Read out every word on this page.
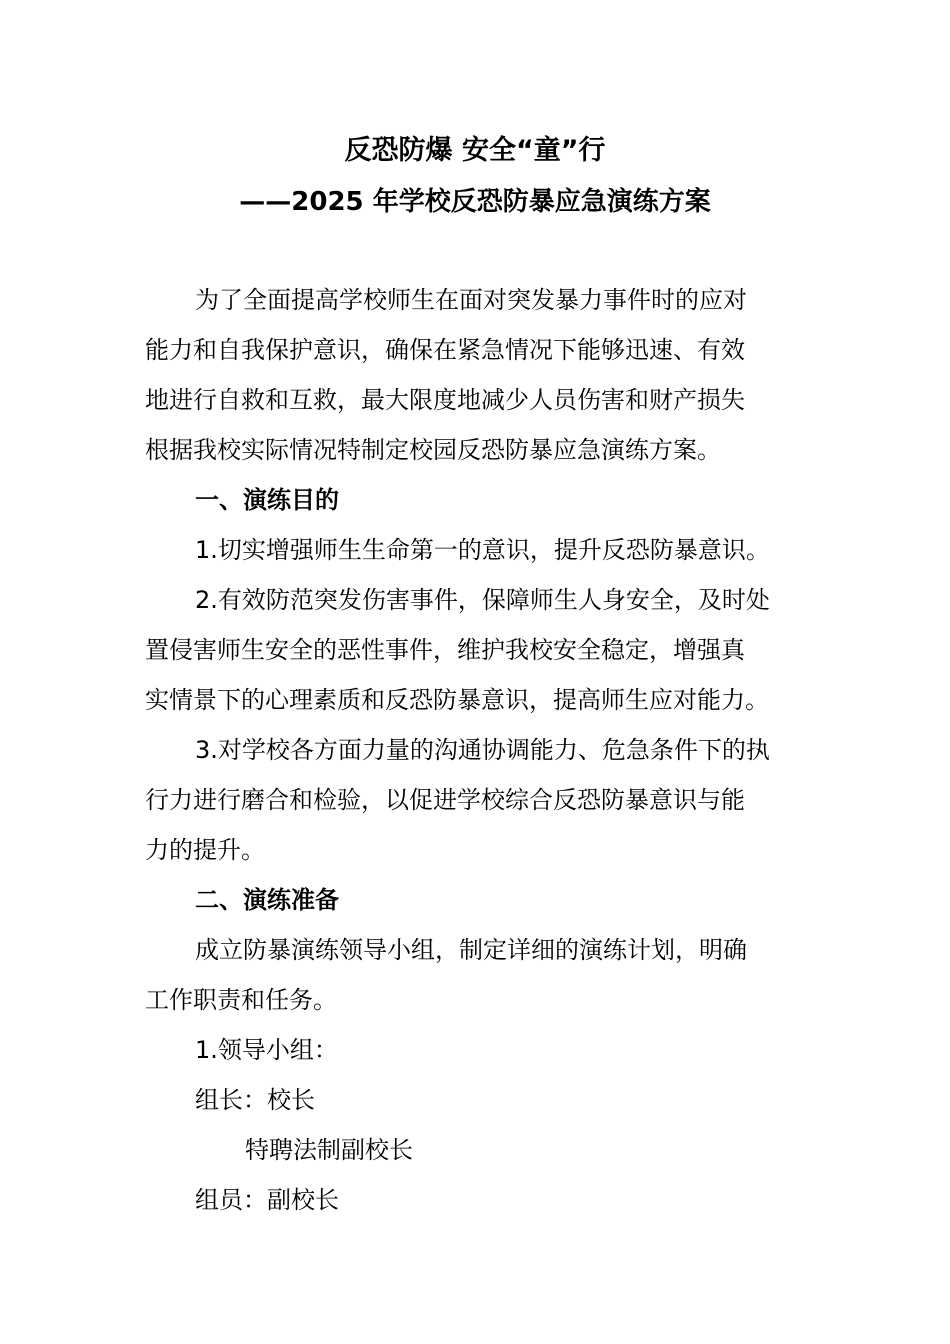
反恐防爆 安全“童”行
——2025 年学校反恐防暴应急演练方案
为了全面提高学校师生在面对突发暴力事件时的应对
能力和自我保护意识，确保在紧急情况下能够迅速、有效
地进行自救和互救，最大限度地减少人员伤害和财产损失
根据我校实际情况特制定校园反恐防暴应急演练方案。
一、演练目的
1.切实增强师生生命第一的意识，提升反恐防暴意识。
2.有效防范突发伤害事件，保障师生人身安全，及时处
置侵害师生安全的恶性事件，维护我校安全稳定，增强真
实情景下的心理素质和反恐防暴意识，提高师生应对能力。
3.对学校各方面力量的沟通协调能力、危急条件下的执
行力进行磨合和检验，以促进学校综合反恐防暴意识与能
力的提升。
二、演练准备
成立防暴演练领导小组，制定详细的演练计划，明确
工作职责和任务。
1.领导小组：
组长：校长
特聘法制副校长
组员：副校长
